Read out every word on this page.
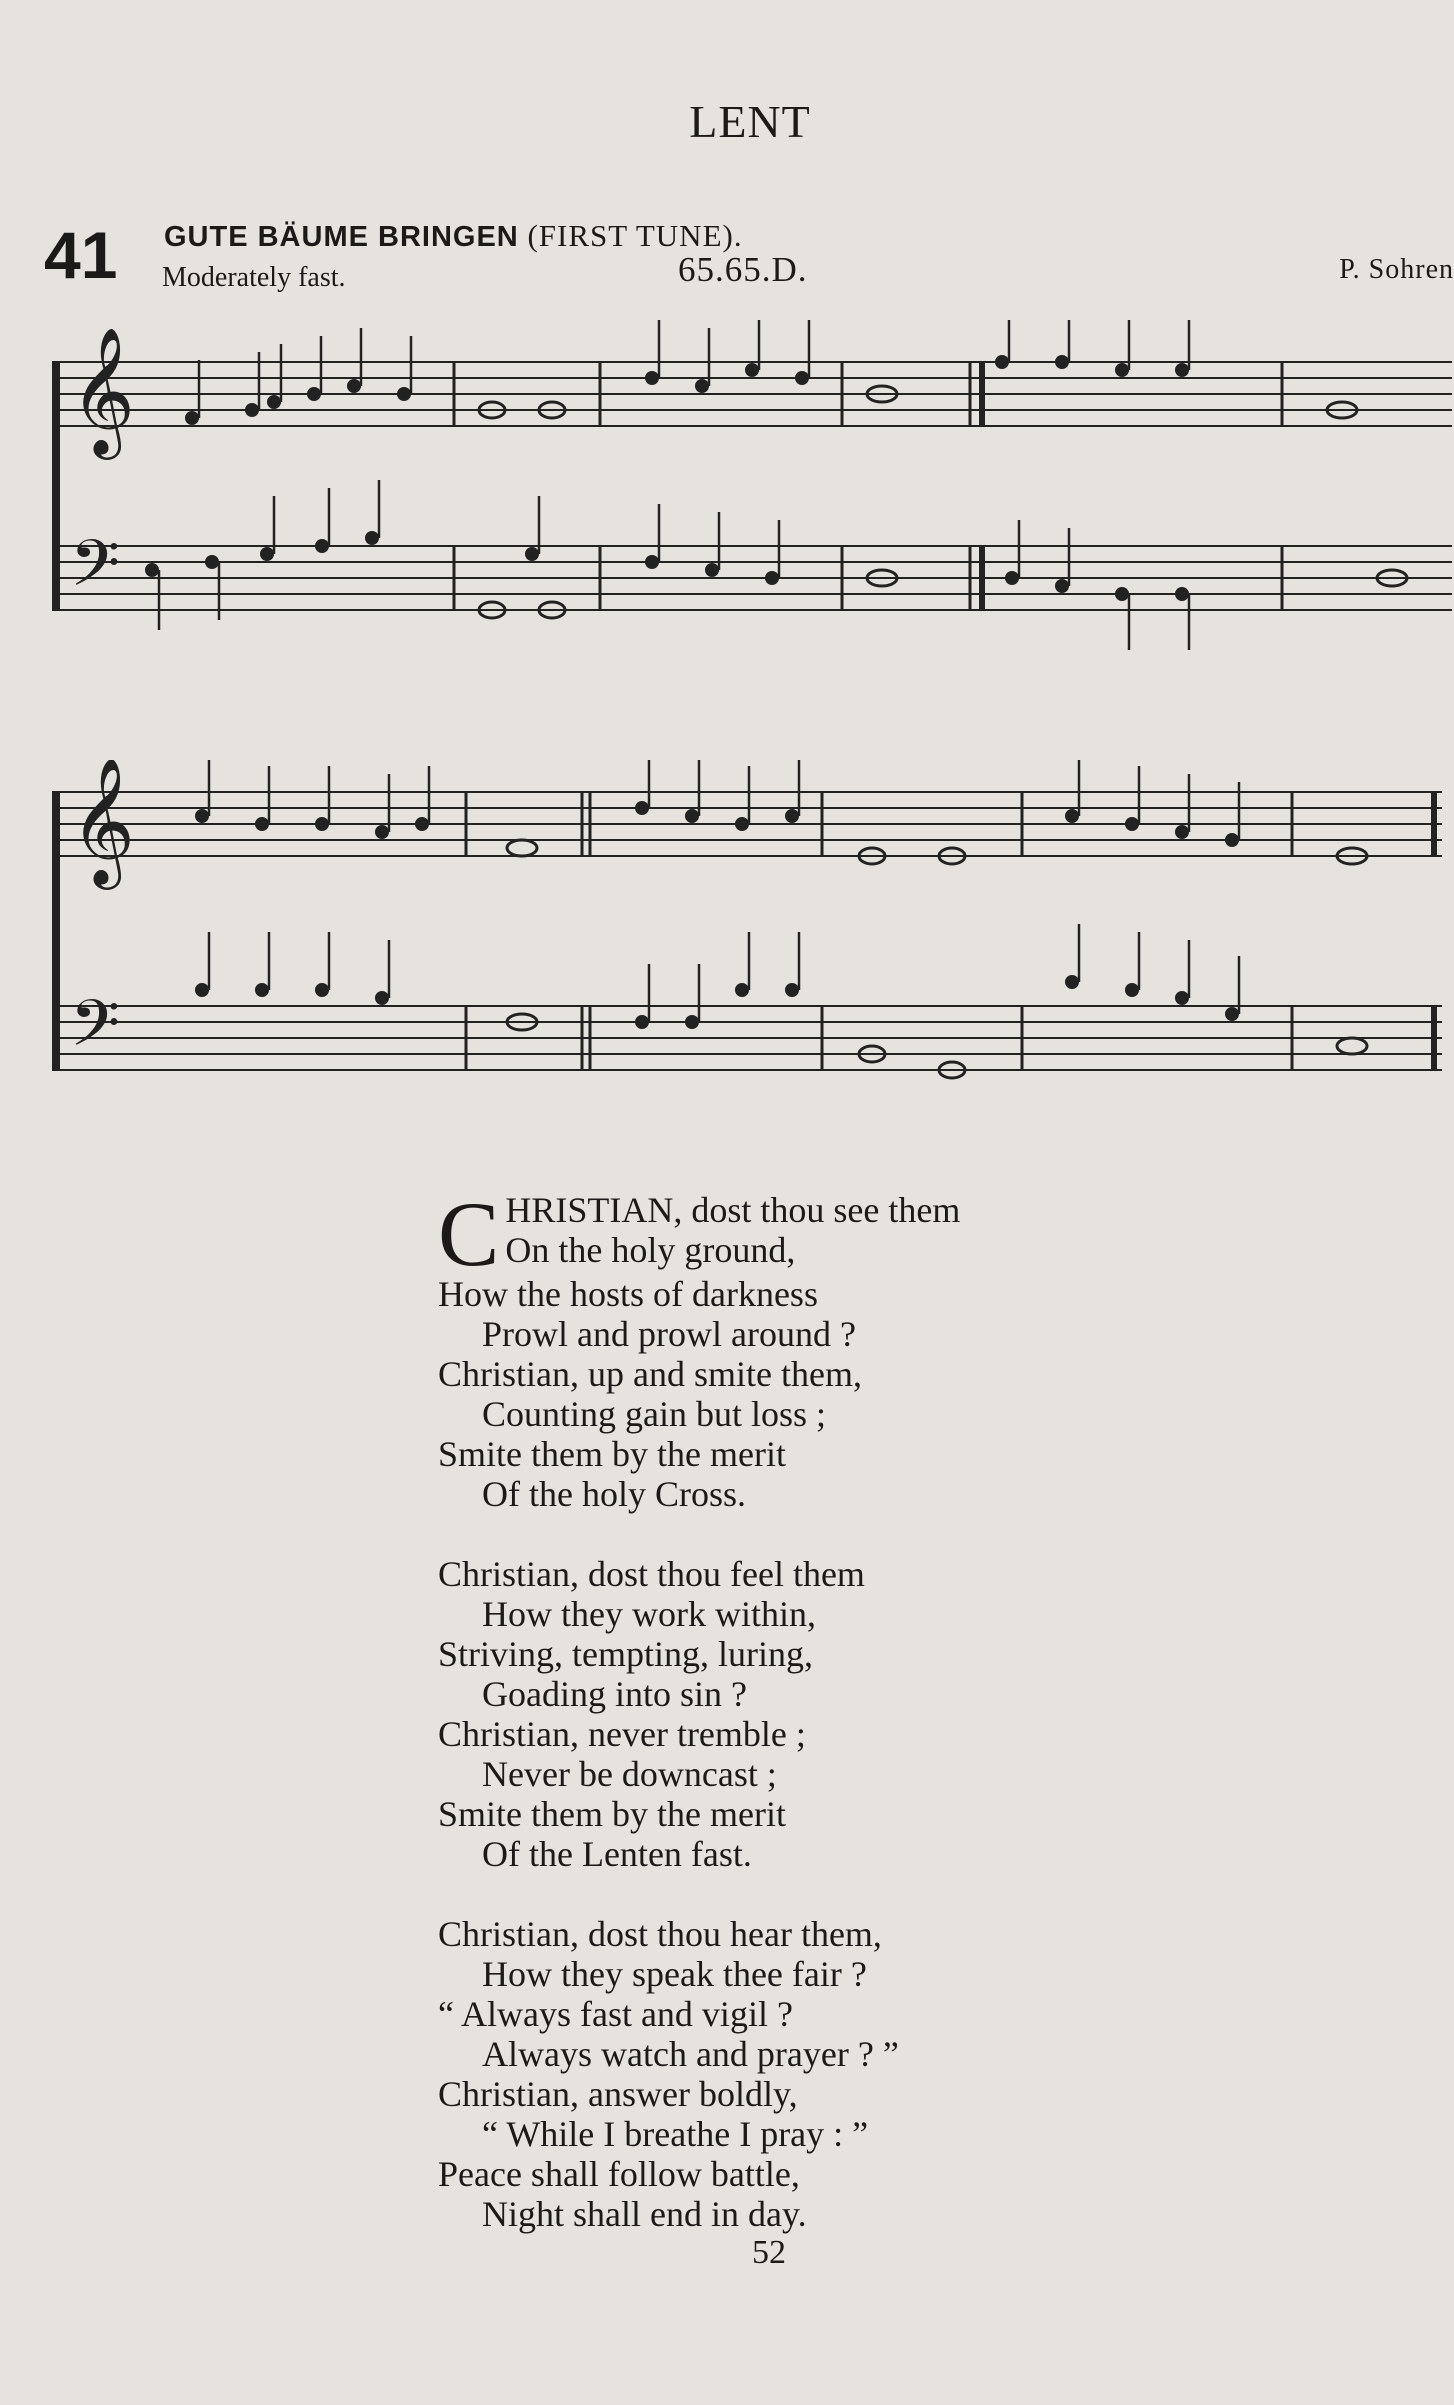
LENT
41 GUTE BÄUME BRINGEN (FIRST TUNE).
Moderately fast.	65.65.D.	P. Sohren
𝄞
𝄢
𝄞
𝄢
C HRISTIAN, dost thou see them
On the holy ground,
How the hosts of darkness
Prowl and prowl around ?
Christian, up and smite them,
Counting gain but loss ;
Smite them by the merit
Of the holy Cross.
Christian, dost thou feel them
How they work within,
Striving, tempting, luring,
Goading into sin ?
Christian, never tremble ;
Never be downcast ;
Smite them by the merit
Of the Lenten fast.
Christian, dost thou hear them,
How they speak thee fair ?
“ Always fast and vigil ?
Always watch and prayer ? ”
Christian, answer boldly,
“ While I breathe I pray : ”
Peace shall follow battle,
Night shall end in day.
52
